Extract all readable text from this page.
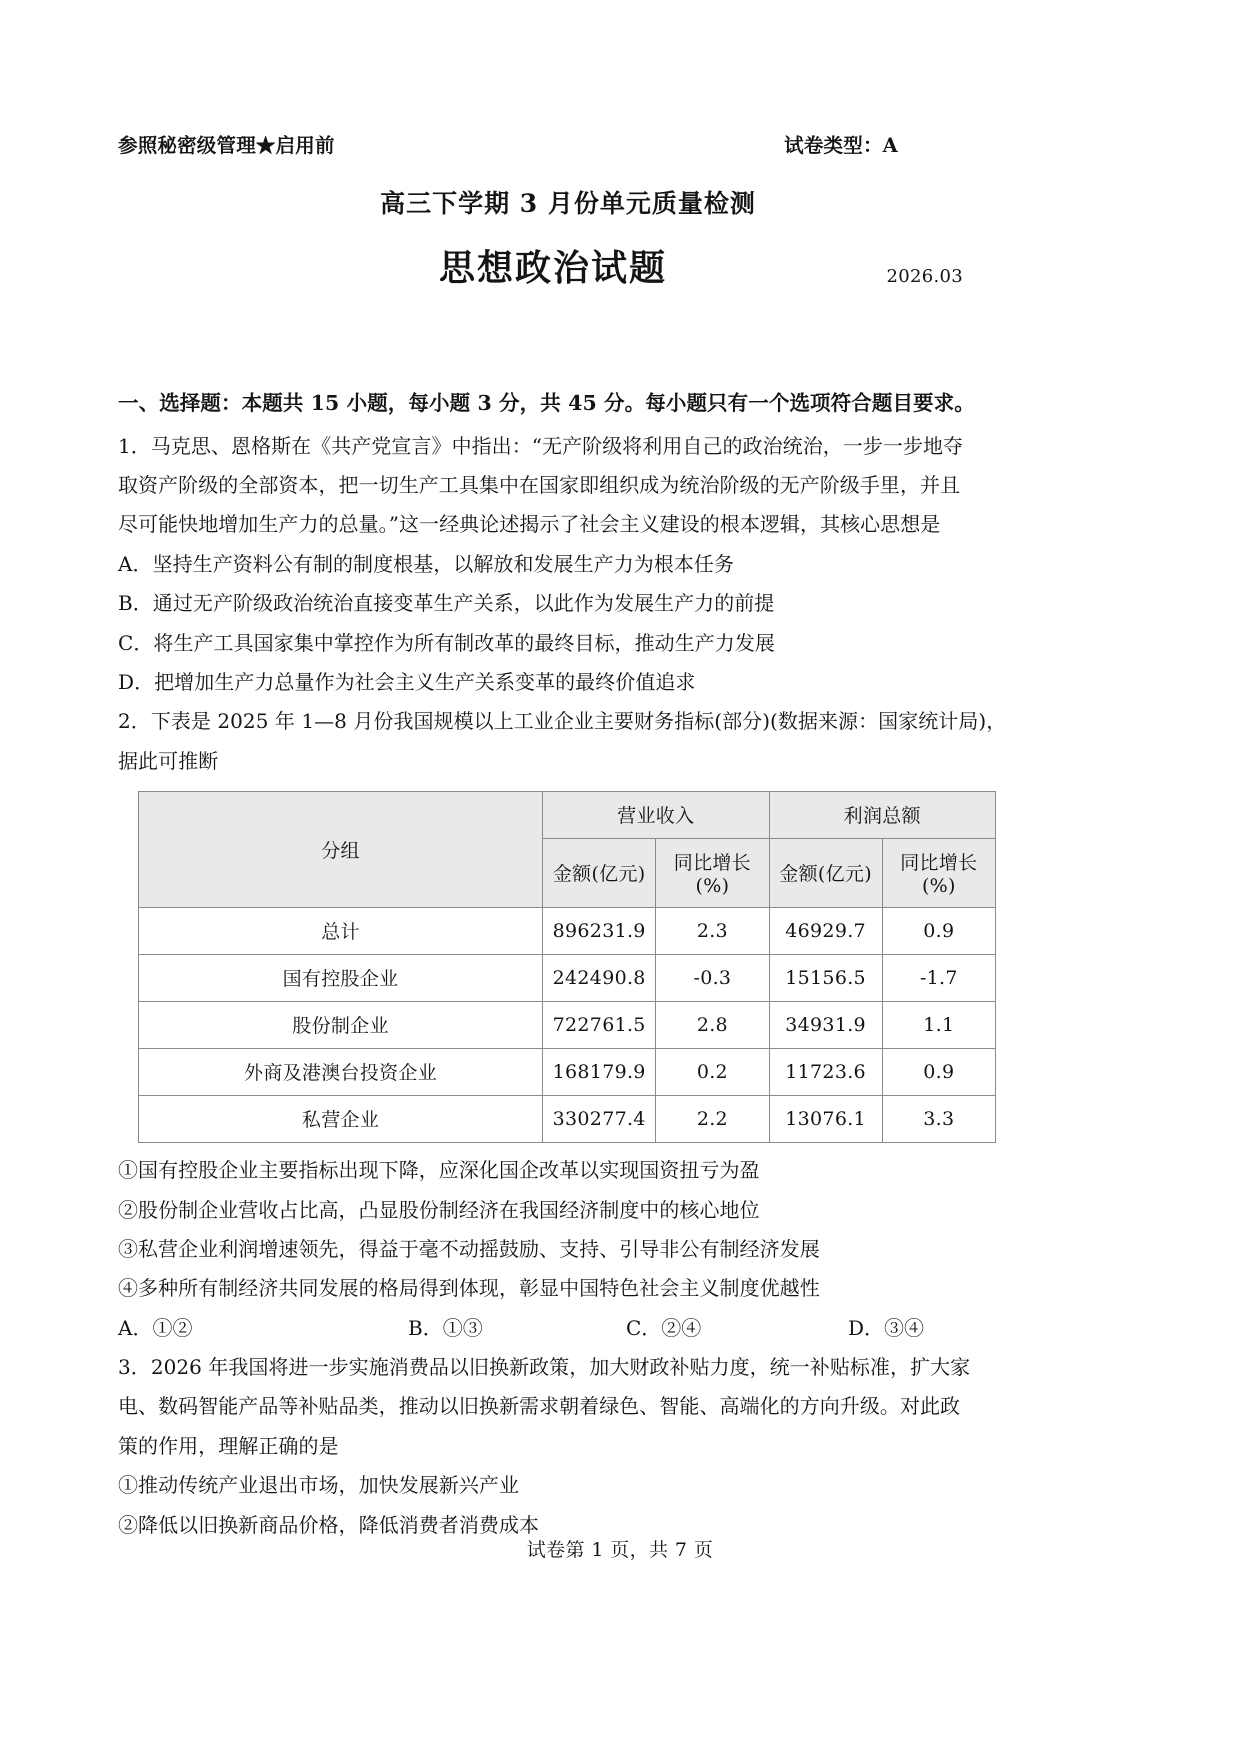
参照秘密级管理★启用前	试卷类型：A
高三下学期 3 月份单元质量检测
思想政治试题	2026.03
一、选择题：本题共 15 小题，每小题 3 分，共 45 分。每小题只有一个选项符合题目要求。

1．马克思、恩格斯在《共产党宣言》中指出：“无产阶级将利用自己的政治统治，一步一步地夺

取资产阶级的全部资本，把一切生产工具集中在国家即组织成为统治阶级的无产阶级手里，并且

尽可能快地增加生产力的总量。”这一经典论述揭示了社会主义建设的根本逻辑，其核心思想是

A．坚持生产资料公有制的制度根基，以解放和发展生产力为根本任务

B．通过无产阶级政治统治直接变革生产关系，以此作为发展生产力的前提

C．将生产工具国家集中掌控作为所有制改革的最终目标，推动生产力发展

D．把增加生产力总量作为社会主义生产关系变革的最终价值追求

2．下表是 2025 年 1—8 月份我国规模以上工业企业主要财务指标(部分)(数据来源：国家统计局)，

据此可推断

分组	营业收入		利润总额	
	金额(亿元)	同比增长(%)	金额(亿元)	同比增长(%)
总计	896231.9	2.3	46929.7	0.9
国有控股企业	242490.8	-0.3	15156.5	-1.7
股份制企业	722761.5	2.8	34931.9	1.1
外商及港澳台投资企业	168179.9	0.2	11723.6	0.9
私营企业	330277.4	2.2	13076.1	3.3

①国有控股企业主要指标出现下降，应深化国企改革以实现国资扭亏为盈

②股份制企业营收占比高，凸显股份制经济在我国经济制度中的核心地位

③私营企业利润增速领先，得益于毫不动摇鼓励、支持、引导非公有制经济发展

④多种所有制经济共同发展的格局得到体现，彰显中国特色社会主义制度优越性

A．①②	B．①③	C．②④	D．③④

3．2026 年我国将进一步实施消费品以旧换新政策，加大财政补贴力度，统一补贴标准，扩大家

电、数码智能产品等补贴品类，推动以旧换新需求朝着绿色、智能、高端化的方向升级。对此政

策的作用，理解正确的是

①推动传统产业退出市场，加快发展新兴产业

②降低以旧换新商品价格，降低消费者消费成本

试卷第 1 页，共 7 页
